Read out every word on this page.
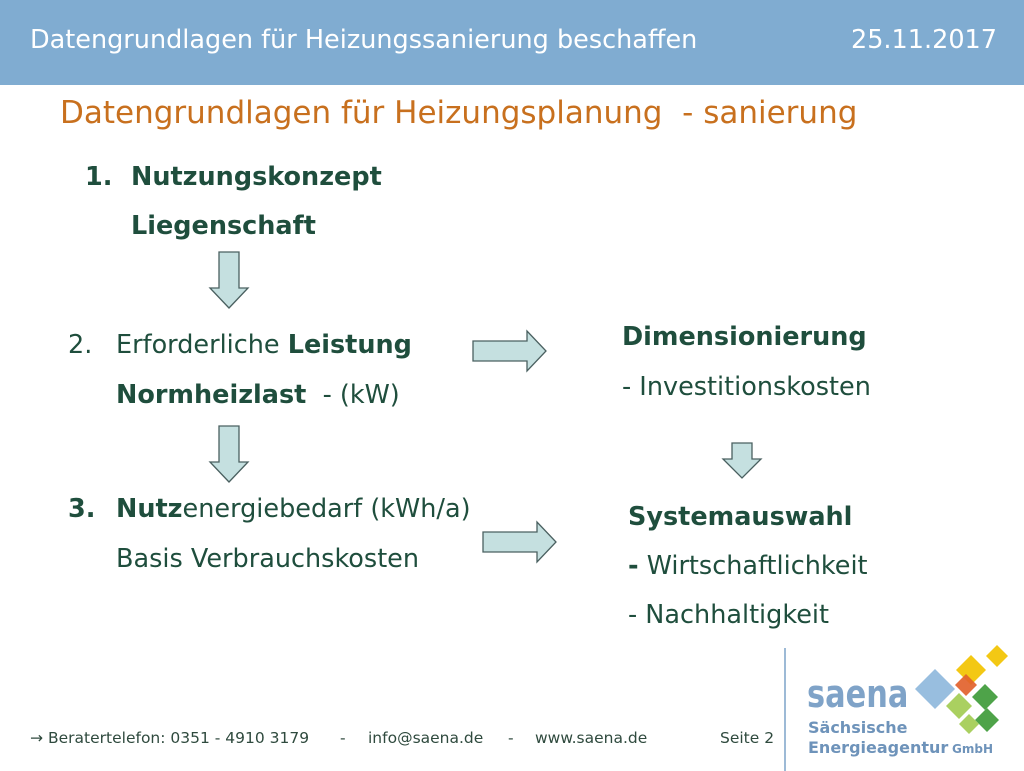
Datengrundlagen für Heizungssanierung beschaffen	25.11.2017
Datengrundlagen für Heizungsplanung  - sanierung
1. Nutzungskonzept
Liegenschaft
2. Erforderliche Leistung
Normheizlast  - (kW)
3. Nutzenergiebedarf (kWh/a)
Basis Verbrauchskosten
Dimensionierung
- Investitionskosten
Systemauswahl
- Wirtschaftlichkeit
- Nachhaltigkeit
→ Beratertelefon: 0351 - 4910 3179 - info@saena.de - www.saena.de	Seite 2
saena
Sächsische
Energieagentur GmbH
